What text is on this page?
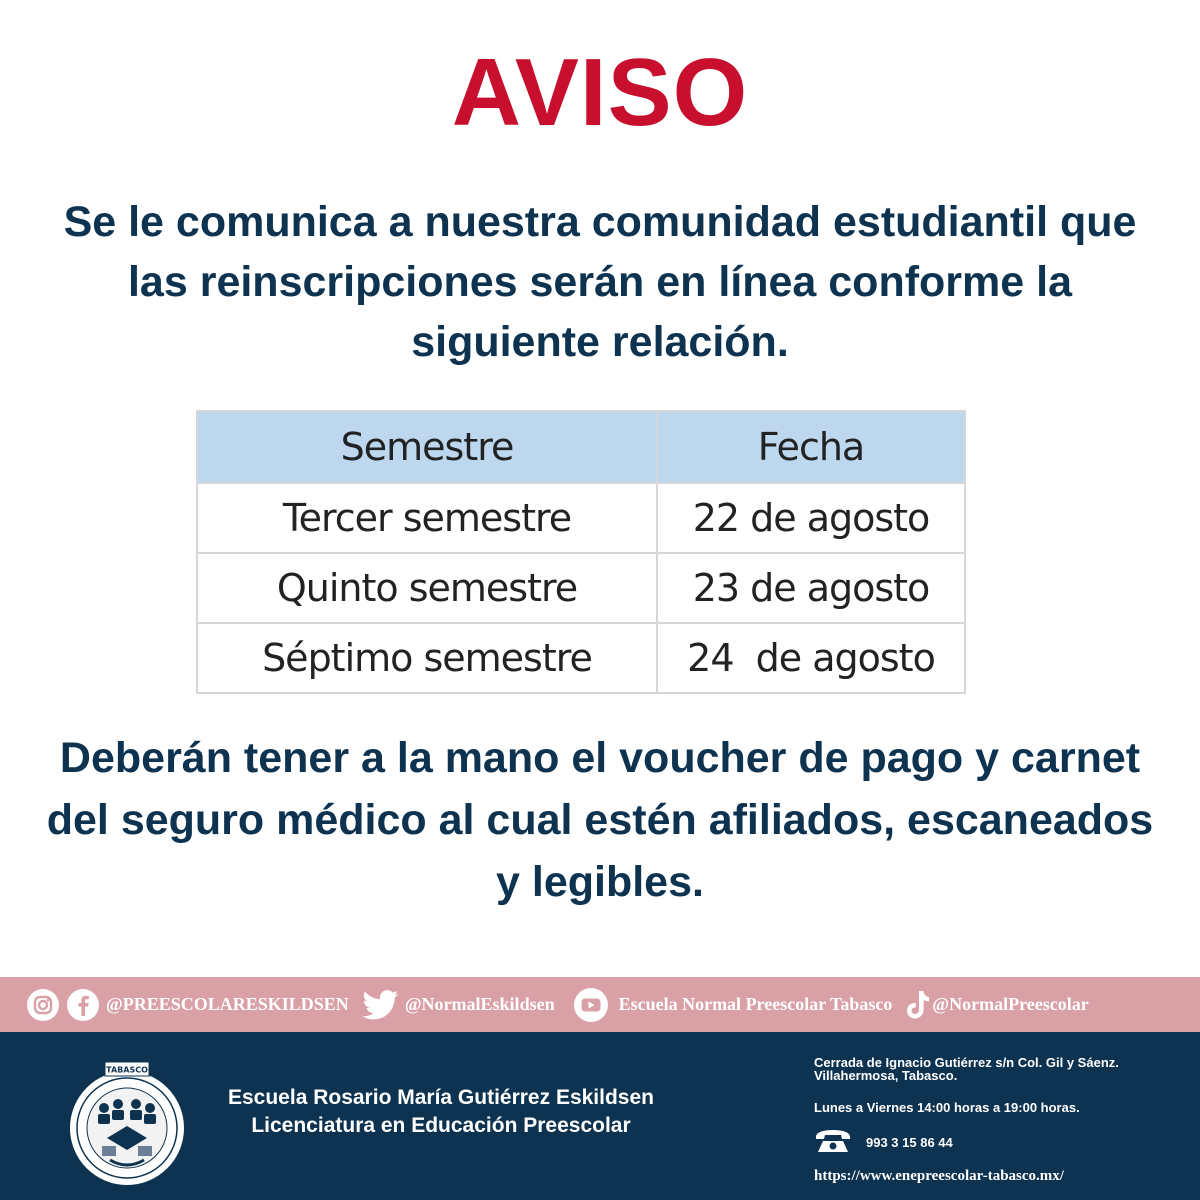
AVISO
Se le comunica a nuestra comunidad estudiantil que las reinscripciones serán en línea conforme la siguiente relación.
Semestre	Fecha
Tercer semestre	22 de agosto
Quinto semestre	23 de agosto
Séptimo semestre	24  de agosto
Deberán tener a la mano el voucher de pago y carnet del seguro médico al cual estén afiliados, escaneados y legibles.
@PREESCOLARESKILDSEN	@NormalEskildsen	Escuela Normal Preescolar Tabasco @NormalPreescolar
TABASCO
Escuela Rosario María Gutiérrez Eskildsen
Licenciatura en Educación Preescolar
Cerrada de Ignacio Gutiérrez s/n Col. Gil y Sáenz.
Villahermosa, Tabasco.
Lunes a Viernes 14:00 horas a 19:00 horas.
993 3 15 86 44
https://www.enepreescolar-tabasco.mx/
